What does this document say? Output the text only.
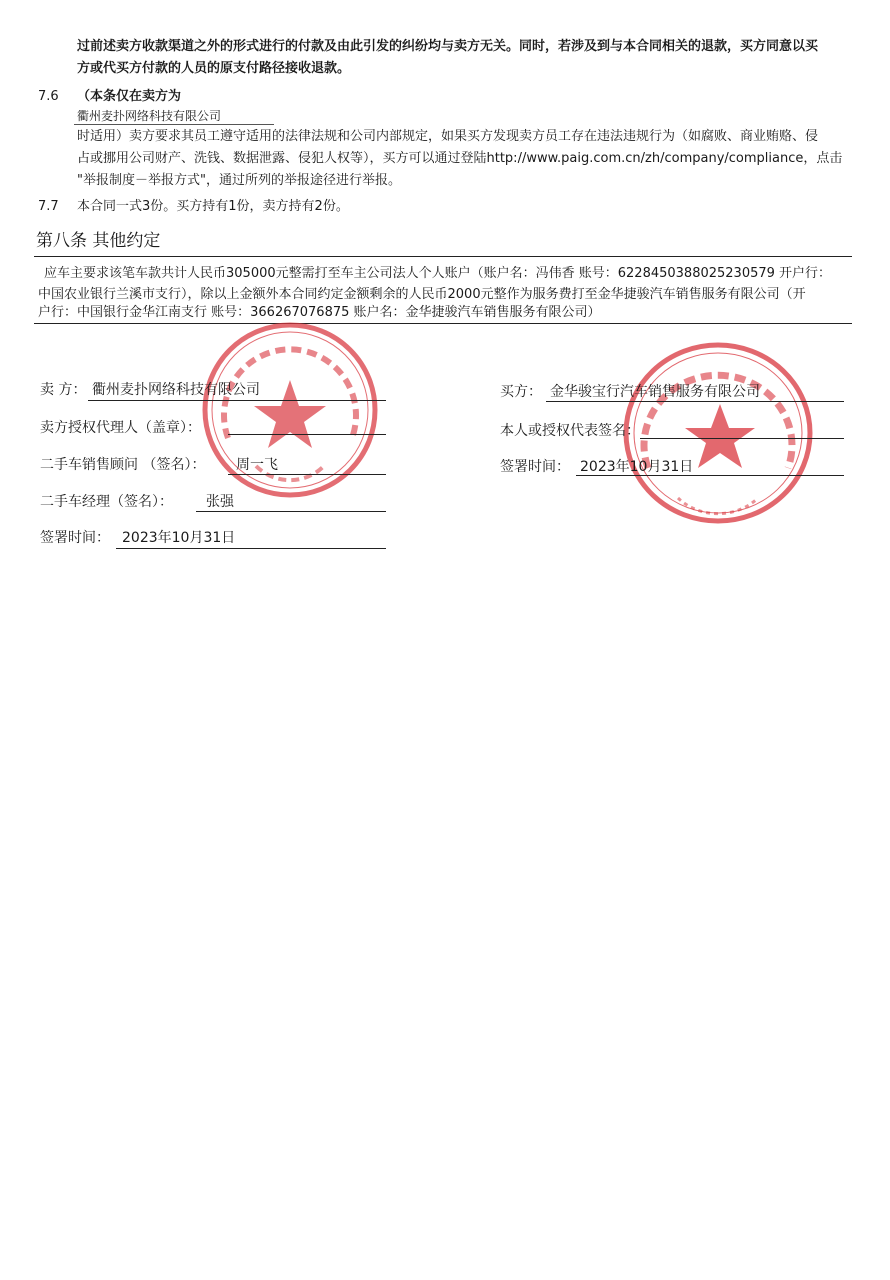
过前述卖方收款渠道之外的形式进行的付款及由此引发的纠纷均与卖方无关。同时，若涉及到与本合同相关的退款，买方同意以买
方或代买方付款的人员的原支付路径接收退款。
7.6 （本条仅在卖方为
衢州麦扑网络科技有限公司
时适用）卖方要求其员工遵守适用的法律法规和公司内部规定，如果买方发现卖方员工存在违法违规行为（如腐败、商业贿赂、侵
占或挪用公司财产、洗钱、数据泄露、侵犯人权等），买方可以通过登陆http://www.paig.com.cn/zh/company/compliance，点击
"举报制度－举报方式"，通过所列的举报途径进行举报。
7.7 本合同一式3份。买方持有1份，卖方持有2份。
第八条 其他约定
应车主要求该笔车款共计人民币305000元整需打至车主公司法人个人账户（账户名：冯伟香 账号：6228450388025230579 开户行：
中国农业银行兰溪市支行），除以上金额外本合同约定金额剩余的人民币2000元整作为服务费打至金华捷骏汽车销售服务有限公司（开
户行：中国银行金华江南支行 账号：366267076875 账户名：金华捷骏汽车销售服务有限公司）
卖 方： 衢州麦扑网络科技有限公司
卖方授权代理人（盖章）：
二手车销售顾问 （签名）： 周一飞
二手车经理（签名）： 张强
签署时间： 2023年10月31日
买方： 金华骏宝行汽车销售服务有限公司
本人或授权代表签名：
签署时间： 2023年10月31日
